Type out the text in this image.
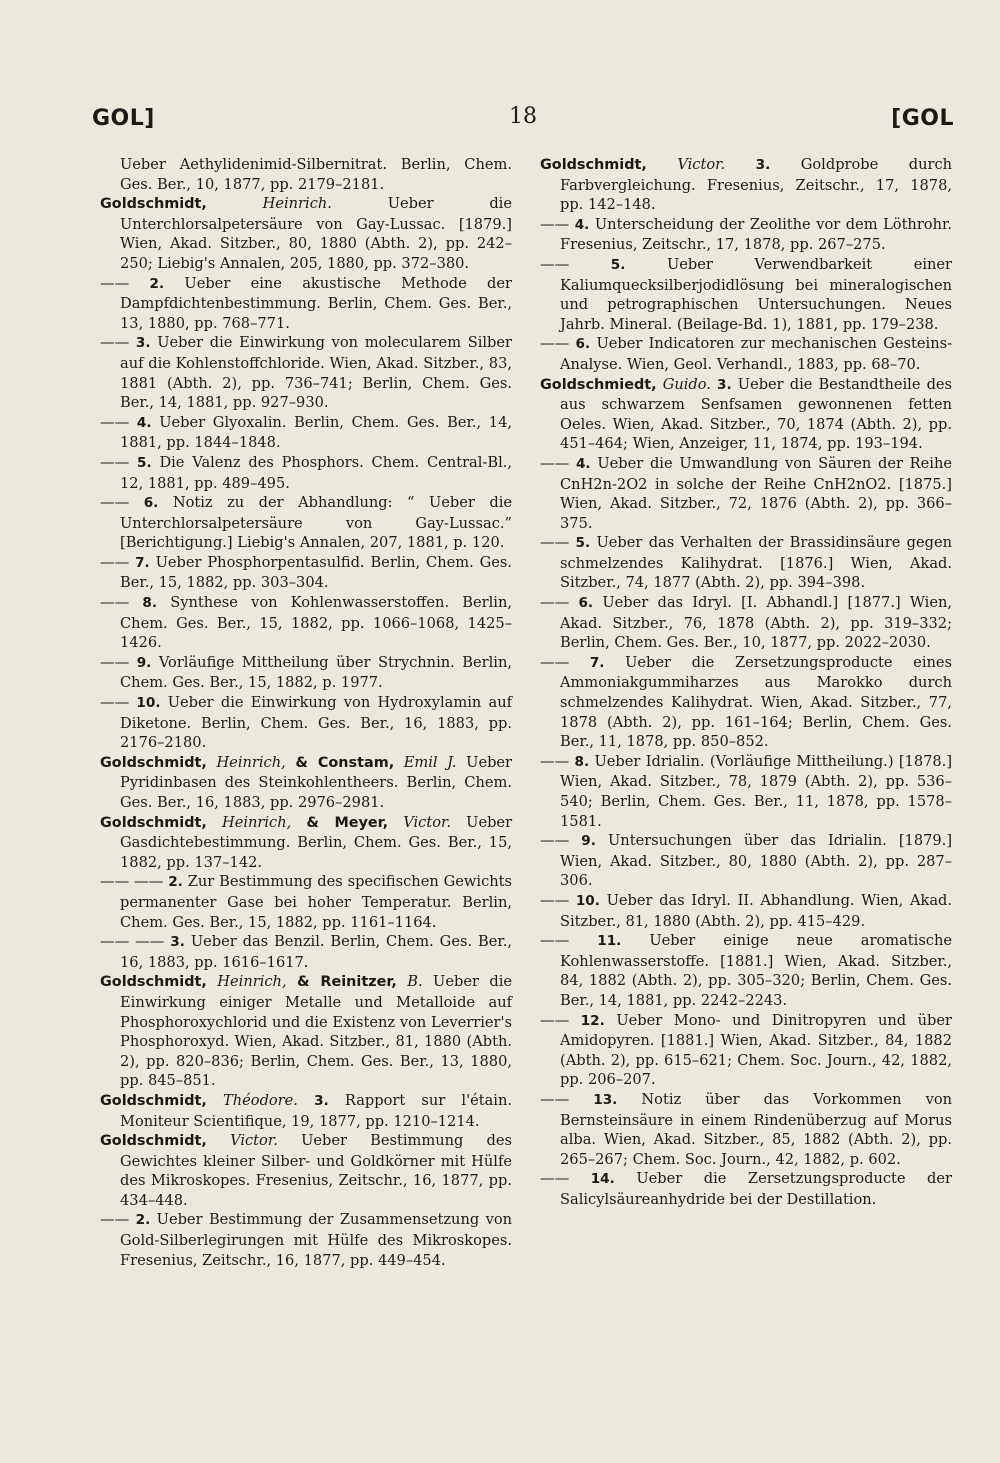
GOL]	18	[GOL

Ueber Aethylidenimid-Silbernitrat. Berlin, Chem. Ges. Ber., 10, 1877, pp. 2179–2181.

Goldschmidt,	Heinrich.	Ueber die Unterchlorsalpetersäure von Gay-Lussac. [1879.] Wien, Akad. Sitzber., 80, 1880 (Abth. 2), pp. 242–250; Liebig's Annalen, 205, 1880, pp. 372–380.

—— 2. Ueber eine akustische Methode der Dampfdichtenbestimmung. Berlin, Chem. Ges. Ber., 13, 1880, pp. 768–771.

—— 3. Ueber die Einwirkung von molecularem Silber auf die Kohlenstoffchloride. Wien, Akad. Sitzber., 83, 1881 (Abth. 2), pp. 736–741; Berlin, Chem. Ges. Ber., 14, 1881, pp. 927–930.

—— 4. Ueber Glyoxalin. Berlin, Chem. Ges. Ber., 14, 1881, pp. 1844–1848.

—— 5. Die Valenz des Phosphors. Chem. Central-Bl., 12, 1881, pp. 489–495.

—— 6. Notiz zu der Abhandlung: “ Ueber die Unterchlorsalpetersäure von Gay-Lussac.” [Berichtigung.] Liebig's Annalen, 207, 1881, p. 120.

—— 7. Ueber Phosphorpentasulfid. Berlin, Chem. Ges. Ber., 15, 1882, pp. 303–304.

—— 8. Synthese von Kohlenwasserstoffen. Berlin, Chem. Ges. Ber., 15, 1882, pp. 1066–1068, 1425–1426.

—— 9. Vorläufige Mittheilung über Strychnin. Berlin, Chem. Ges. Ber., 15, 1882, p. 1977.

—— 10. Ueber die Einwirkung von Hydroxylamin auf Diketone. Berlin, Chem. Ges. Ber., 16, 1883, pp. 2176–2180.

Goldschmidt, Heinrich, & Constam, Emil J. Ueber Pyridinbasen des Steinkohlentheers. Berlin, Chem. Ges. Ber., 16, 1883, pp. 2976–2981.

Goldschmidt, Heinrich, & Meyer, Victor. Ueber Gasdichtebestimmung. Berlin, Chem. Ges. Ber., 15, 1882, pp. 137–142.

—— —— 2. Zur Bestimmung des specifischen Gewichts permanenter Gase bei hoher Temperatur. Berlin, Chem. Ges. Ber., 15, 1882, pp. 1161–1164.

—— —— 3. Ueber das Benzil. Berlin, Chem. Ges. Ber., 16, 1883, pp. 1616–1617.

Goldschmidt, Heinrich, & Reinitzer, B. Ueber die Einwirkung einiger Metalle und Metalloide auf Phosphoroxychlorid und die Existenz von Leverrier's Phosphoroxyd. Wien, Akad. Sitzber., 81, 1880 (Abth. 2), pp. 820–836; Berlin, Chem. Ges. Ber., 13, 1880, pp. 845–851.

Goldschmidt, Théodore. 3. Rapport sur l'étain. Moniteur Scientifique, 19, 1877, pp. 1210–1214.

Goldschmidt, Victor. Ueber Bestimmung des Gewichtes kleiner Silber- und Goldkörner mit Hülfe des Mikroskopes. Fresenius, Zeitschr., 16, 1877, pp. 434–448.

—— 2. Ueber Bestimmung der Zusammensetzung von Gold-Silberlegirungen mit Hülfe des Mikroskopes. Fresenius, Zeitschr., 16, 1877, pp. 449–454.

Goldschmidt, Victor. 3. Goldprobe durch Farbvergleichung. Fresenius, Zeitschr., 17, 1878, pp. 142–148.

—— 4. Unterscheidung der Zeolithe vor dem Löthrohr. Fresenius, Zeitschr., 17, 1878, pp. 267–275.

——	5.	Ueber Verwendbarkeit einer Kaliumquecksilberjodidlösung bei mineralogischen und petrographischen Untersuchungen. Neues Jahrb. Mineral. (Beilage-Bd. 1), 1881, pp. 179–238.

—— 6. Ueber Indicatoren zur mechanischen Gesteins-Analyse. Wien, Geol. Verhandl., 1883, pp. 68–70.

Goldschmiedt, Guido. 3. Ueber die Bestandtheile des aus schwarzem Senfsamen gewonnenen fetten Oeles. Wien, Akad. Sitzber., 70, 1874 (Abth. 2), pp. 451–464; Wien, Anzeiger, 11, 1874, pp. 193–194.

—— 4. Ueber die Umwandlung von Säuren der Reihe CnH2n-2O2 in solche der Reihe CnH2nO2. [1875.] Wien, Akad. Sitzber., 72, 1876 (Abth. 2), pp. 366–375.

—— 5. Ueber das Verhalten der Brassidinsäure gegen schmelzendes Kalihydrat. [1876.] Wien, Akad. Sitzber., 74, 1877 (Abth. 2), pp. 394–398.

—— 6. Ueber das Idryl. [I. Abhandl.] [1877.] Wien, Akad. Sitzber., 76, 1878 (Abth. 2), pp. 319–332; Berlin, Chem. Ges. Ber., 10, 1877, pp. 2022–2030.

—— 7. Ueber die Zersetzungsproducte eines Ammoniakgummiharzes aus Marokko durch schmelzendes Kalihydrat. Wien, Akad. Sitzber., 77, 1878 (Abth. 2), pp. 161–164; Berlin, Chem. Ges. Ber., 11, 1878, pp. 850–852.

—— 8. Ueber Idrialin. (Vorläufige Mittheilung.) [1878.] Wien, Akad. Sitzber., 78, 1879 (Abth. 2), pp. 536–540; Berlin, Chem. Ges. Ber., 11, 1878, pp. 1578–1581.

—— 9. Untersuchungen über das Idrialin. [1879.] Wien, Akad. Sitzber., 80, 1880 (Abth. 2), pp. 287–306.

—— 10. Ueber das Idryl. II. Abhandlung. Wien, Akad. Sitzber., 81, 1880 (Abth. 2), pp. 415–429.

—— 11. Ueber einige neue aromatische Kohlenwasserstoffe. [1881.] Wien, Akad. Sitzber., 84, 1882 (Abth. 2), pp. 305–320; Berlin, Chem. Ges. Ber., 14, 1881, pp. 2242–2243.

—— 12. Ueber Mono- und Dinitropyren und über Amidopyren. [1881.] Wien, Akad. Sitzber., 84, 1882 (Abth. 2), pp. 615–621; Chem. Soc. Journ., 42, 1882, pp. 206–207.

—— 13. Notiz über das Vorkommen von Bernsteinsäure in einem Rindenüberzug auf Morus alba. Wien, Akad. Sitzber., 85, 1882 (Abth. 2), pp. 265–267; Chem. Soc. Journ., 42, 1882, p. 602.

—— 14. Ueber die Zersetzungsproducte der Salicylsäureanhydride bei der Destillation.
